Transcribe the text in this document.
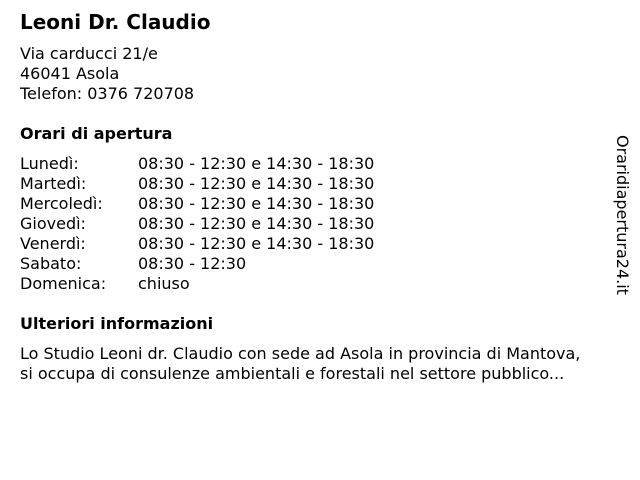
Leoni Dr. Claudio
Via carducci 21/e
46041 Asola
Telefon: 0376 720708
Orari di apertura
Lunedì:	08:30 - 12:30 e 14:30 - 18:30
Martedì:	08:30 - 12:30 e 14:30 - 18:30
Mercoledì: 08:30 - 12:30 e 14:30 - 18:30
Giovedì:	08:30 - 12:30 e 14:30 - 18:30
Venerdì:	08:30 - 12:30 e 14:30 - 18:30
Sabato:	08:30 - 12:30
Domenica: chiuso
Ulteriori informazioni
Lo Studio Leoni dr. Claudio con sede ad Asola in provincia di Mantova,
si occupa di consulenze ambientali e forestali nel settore pubblico...
Oraridiapertura24.it
